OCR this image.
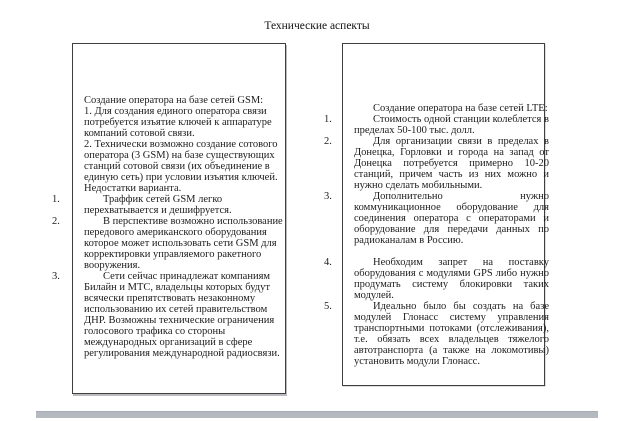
Технические аспекты

Создание оператора на базе сетей GSM:

1. Для создания единого оператора связи потребуется изъятие ключей к аппаратуре компаний сотовой связи.

2. Технически возможно создание сотового оператора (3 GSM) на базе существующих станций сотовой связи (их объединение в единую сеть) при условии изъятия ключей.

Недостатки варианта.

1.	Траффик сетей GSM легко перехватывается и дешифруется.

2.	В перспективе возможно использование передового американского оборудования которое может использовать сети GSM для корректировки управляемого ракетного вооружения.

3.	Сети сейчас принадлежат компаниям Билайн и МТС, владельцы которых будут всячески препятствовать незаконному использованию их сетей правительством ДНР. Возможны технические ограничения голосового трафика со стороны международных организаций в сфере регулирования международной радиосвязи.

Создание оператора на базе сетей LTE:

1.	Стоимость одной станции колеблется в пределах 50-100 тыс. долл.

2.	Для организации связи в пределах в Донецка, Горловки и города на запад от Донецка потребуется примерно 10-20 станций, причем часть из них можно и нужно сделать мобильными.

3.	Дополнительно нужно коммуникационное оборудование для соединения оператора с операторами и оборудование для передачи данных по радиоканалам в Россию.

4.	Необходим запрет на поставку оборудования с модулями GPS либо нужно продумать систему блокировки таких модулей.

5.	Идеально было бы создать на базе модулей Глонасс систему управления транспортными потоками (отслеживания), т.е. обязать всех владельцев тяжелого автотранспорта (а также на локомотивы) установить модули Глонасс.
